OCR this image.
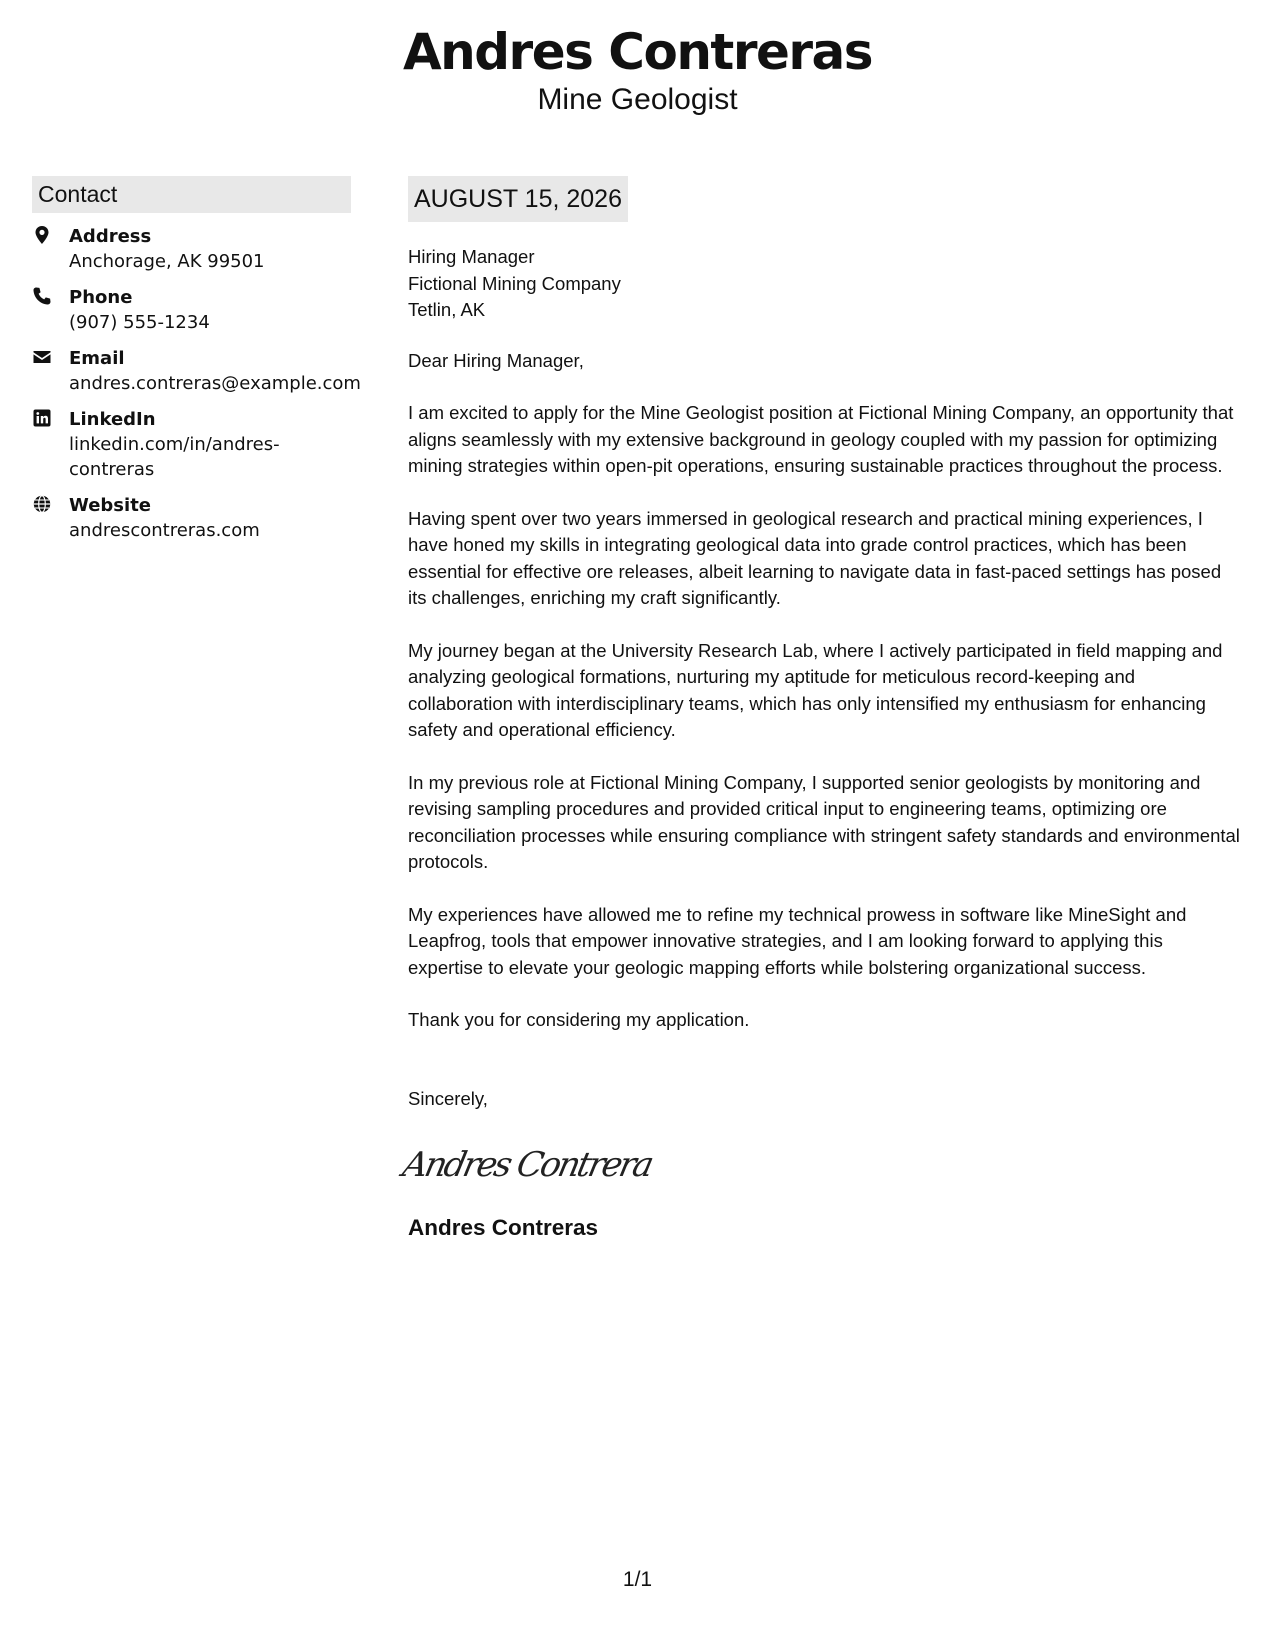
Andres Contreras
Mine Geologist
Contact
Address
Anchorage, AK 99501
Phone
(907) 555-1234
Email
andres.contreras@example.com
LinkedIn
linkedin.com/in/andres-contreras
Website
andrescontreras.com
AUGUST 15, 2026
Hiring Manager
Fictional Mining Company
Tetlin, AK

Dear Hiring Manager,

I am excited to apply for the Mine Geologist position at Fictional Mining Company, an opportunity that aligns seamlessly with my extensive background in geology coupled with my passion for optimizing mining strategies within open-pit operations, ensuring sustainable practices throughout the process.

Having spent over two years immersed in geological research and practical mining experiences, I have honed my skills in integrating geological data into grade control practices, which has been essential for effective ore releases, albeit learning to navigate data in fast-paced settings has posed its challenges, enriching my craft significantly.

My journey began at the University Research Lab, where I actively participated in field mapping and analyzing geological formations, nurturing my aptitude for meticulous record-keeping and collaboration with interdisciplinary teams, which has only intensified my enthusiasm for enhancing safety and operational efficiency.

In my previous role at Fictional Mining Company, I supported senior geologists by monitoring and revising sampling procedures and provided critical input to engineering teams, optimizing ore reconciliation processes while ensuring compliance with stringent safety standards and environmental protocols.

My experiences have allowed me to refine my technical prowess in software like MineSight and Leapfrog, tools that empower innovative strategies, and I am looking forward to applying this expertise to elevate your geologic mapping efforts while bolstering organizational success.

Thank you for considering my application.

Sincerely,
Andres Contrera
Andres Contreras
1/1
